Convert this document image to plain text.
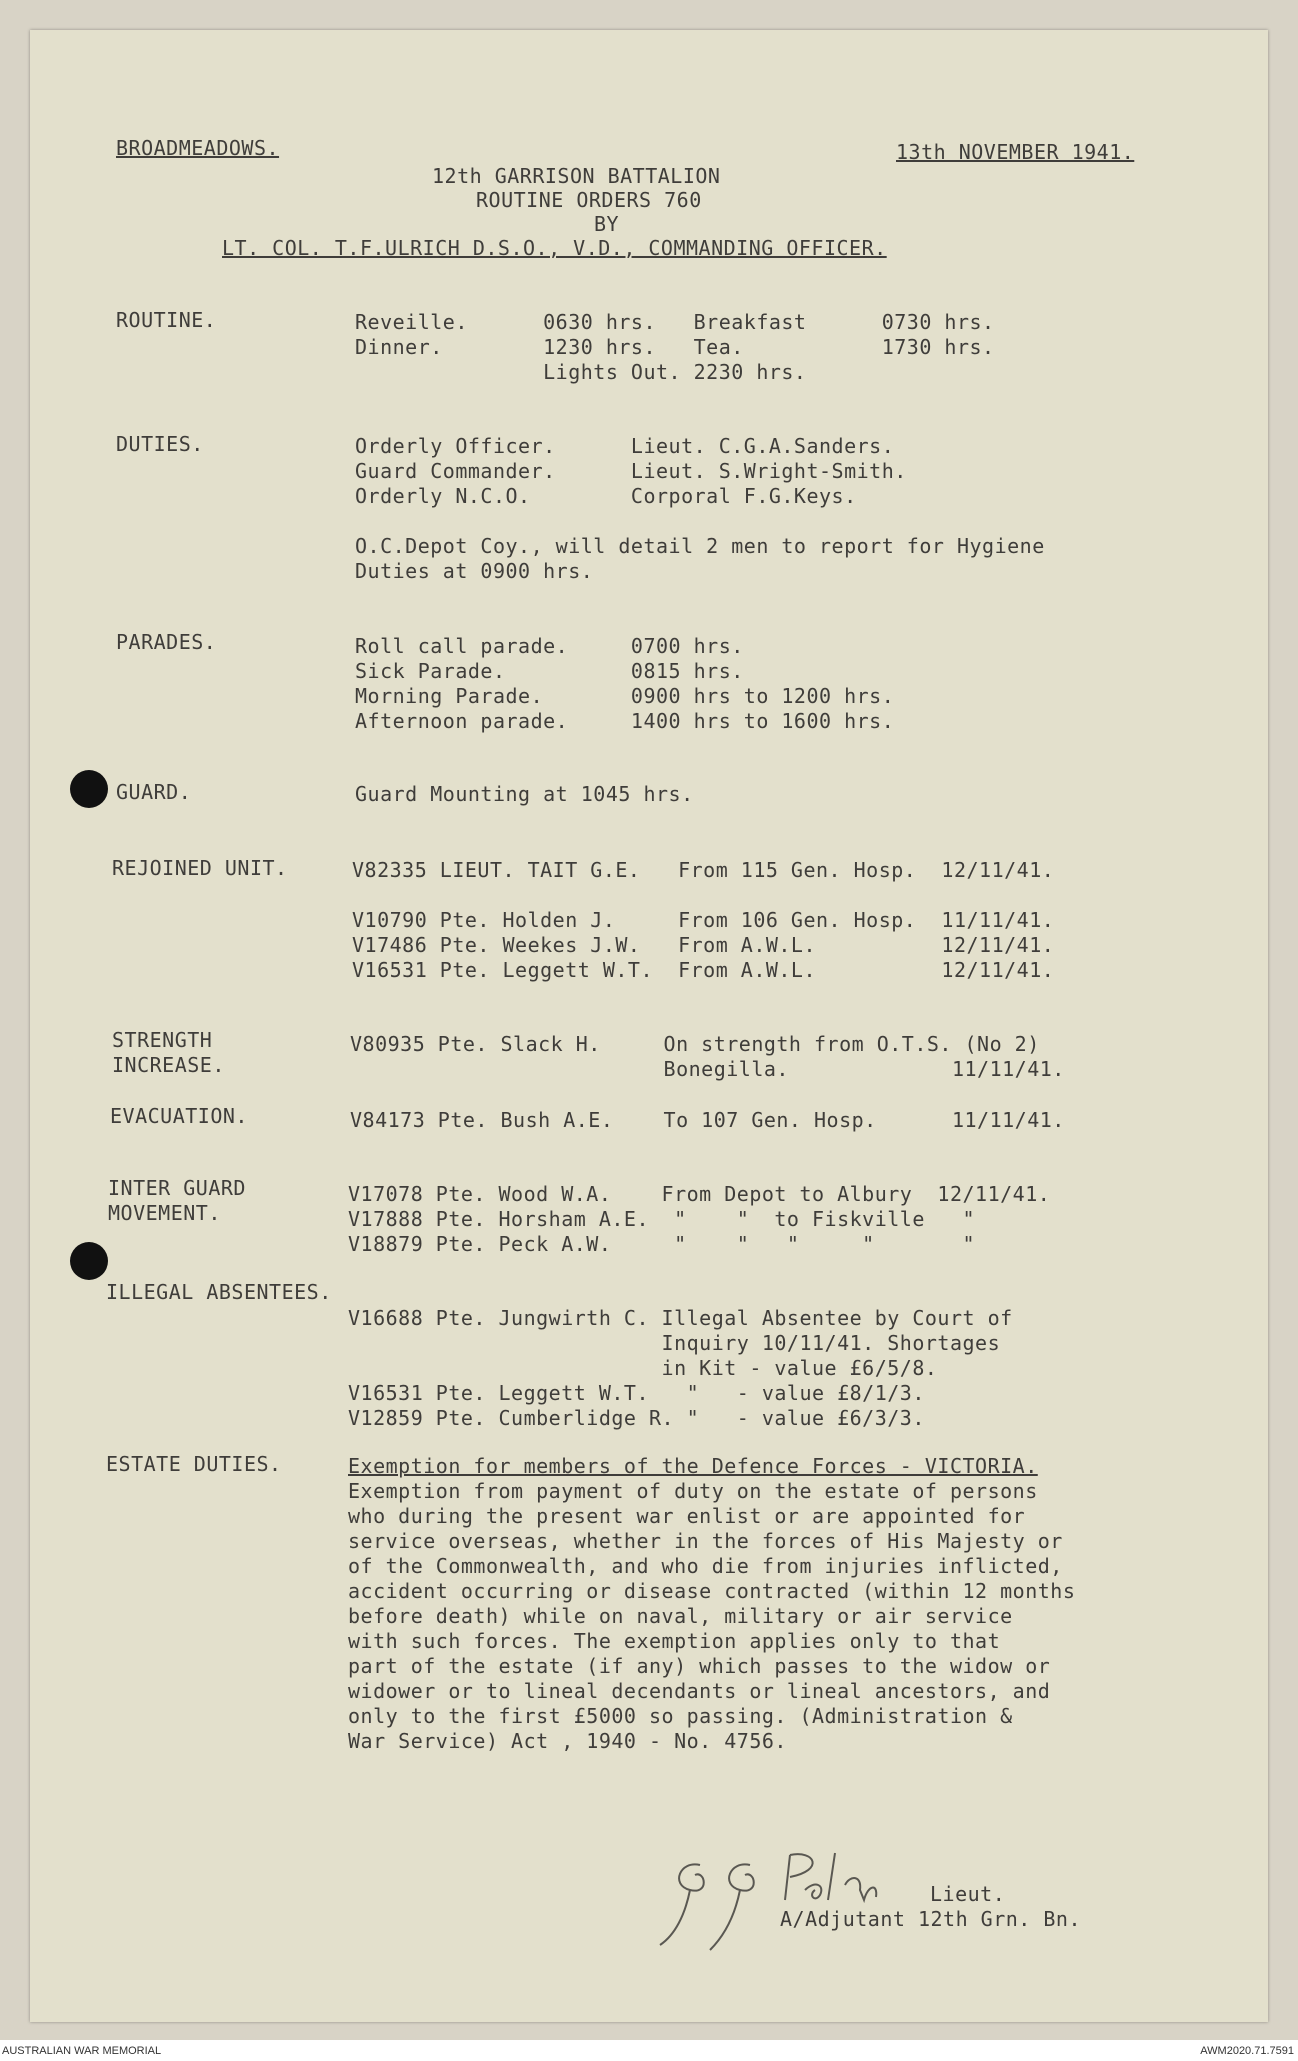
BROADMEADOWS.	13th NOVEMBER 1941.
12th GARRISON BATTALION
ROUTINE ORDERS 760
BY
LT. COL. T.F.ULRICH D.S.O., V.D., COMMANDING OFFICER.
ROUTINE.	Reveille.      0630 hrs.   Breakfast      0730 hrs.
Dinner.        1230 hrs.   Tea.           1730 hrs.
Lights Out. 2230 hrs.
DUTIES.	Orderly Officer.      Lieut. C.G.A.Sanders.
Guard Commander.      Lieut. S.Wright-Smith.
Orderly N.C.O.        Corporal F.G.Keys.
O.C.Depot Coy., will detail 2 men to report for Hygiene
Duties at 0900 hrs.
PARADES.	Roll call parade.     0700 hrs.
Sick Parade.          0815 hrs.
Morning Parade.       0900 hrs to 1200 hrs.
Afternoon parade.     1400 hrs to 1600 hrs.
GUARD.	Guard Mounting at 1045 hrs.
REJOINED UNIT.	V82335 LIEUT. TAIT G.E.   From 115 Gen. Hosp.  12/11/41.
V10790 Pte. Holden J.     From 106 Gen. Hosp.  11/11/41.
V17486 Pte. Weekes J.W.   From A.W.L.          12/11/41.
V16531 Pte. Leggett W.T.  From A.W.L.          12/11/41.
STRENGTH
INCREASE.
V80935 Pte. Slack H.     On strength from O.T.S. (No 2)
Bonegilla.             11/11/41.
EVACUATION.	V84173 Pte. Bush A.E.    To 107 Gen. Hosp.      11/11/41.
INTER GUARD
MOVEMENT.
V17078 Pte. Wood W.A.    From Depot to Albury  12/11/41.
V17888 Pte. Horsham A.E.  "    "  to Fiskville   "
V18879 Pte. Peck A.W.     "    "   "     "       "
ILLEGAL ABSENTEES.
V16688 Pte. Jungwirth C. Illegal Absentee by Court of
Inquiry 10/11/41. Shortages
in Kit - value £6/5/8.
V16531 Pte. Leggett W.T.   "   - value £8/1/3.
V12859 Pte. Cumberlidge R. "   - value £6/3/3.
ESTATE DUTIES.	Exemption for members of the Defence Forces - VICTORIA.
Exemption from payment of duty on the estate of persons
who during the present war enlist or are appointed for
service overseas, whether in the forces of His Majesty or
of the Commonwealth, and who die from injuries inflicted,
accident occurring or disease contracted (within 12 months
before death) while on naval, military or air service
with such forces. The exemption applies only to that
part of the estate (if any) which passes to the widow or
widower or to lineal decendants or lineal ancestors, and
only to the first £5000 so passing. (Administration &
War Service) Act , 1940 - No. 4756.
Lieut.
A/Adjutant 12th Grn. Bn.
AUSTRALIAN WAR MEMORIAL	AWM2020.71.7591
